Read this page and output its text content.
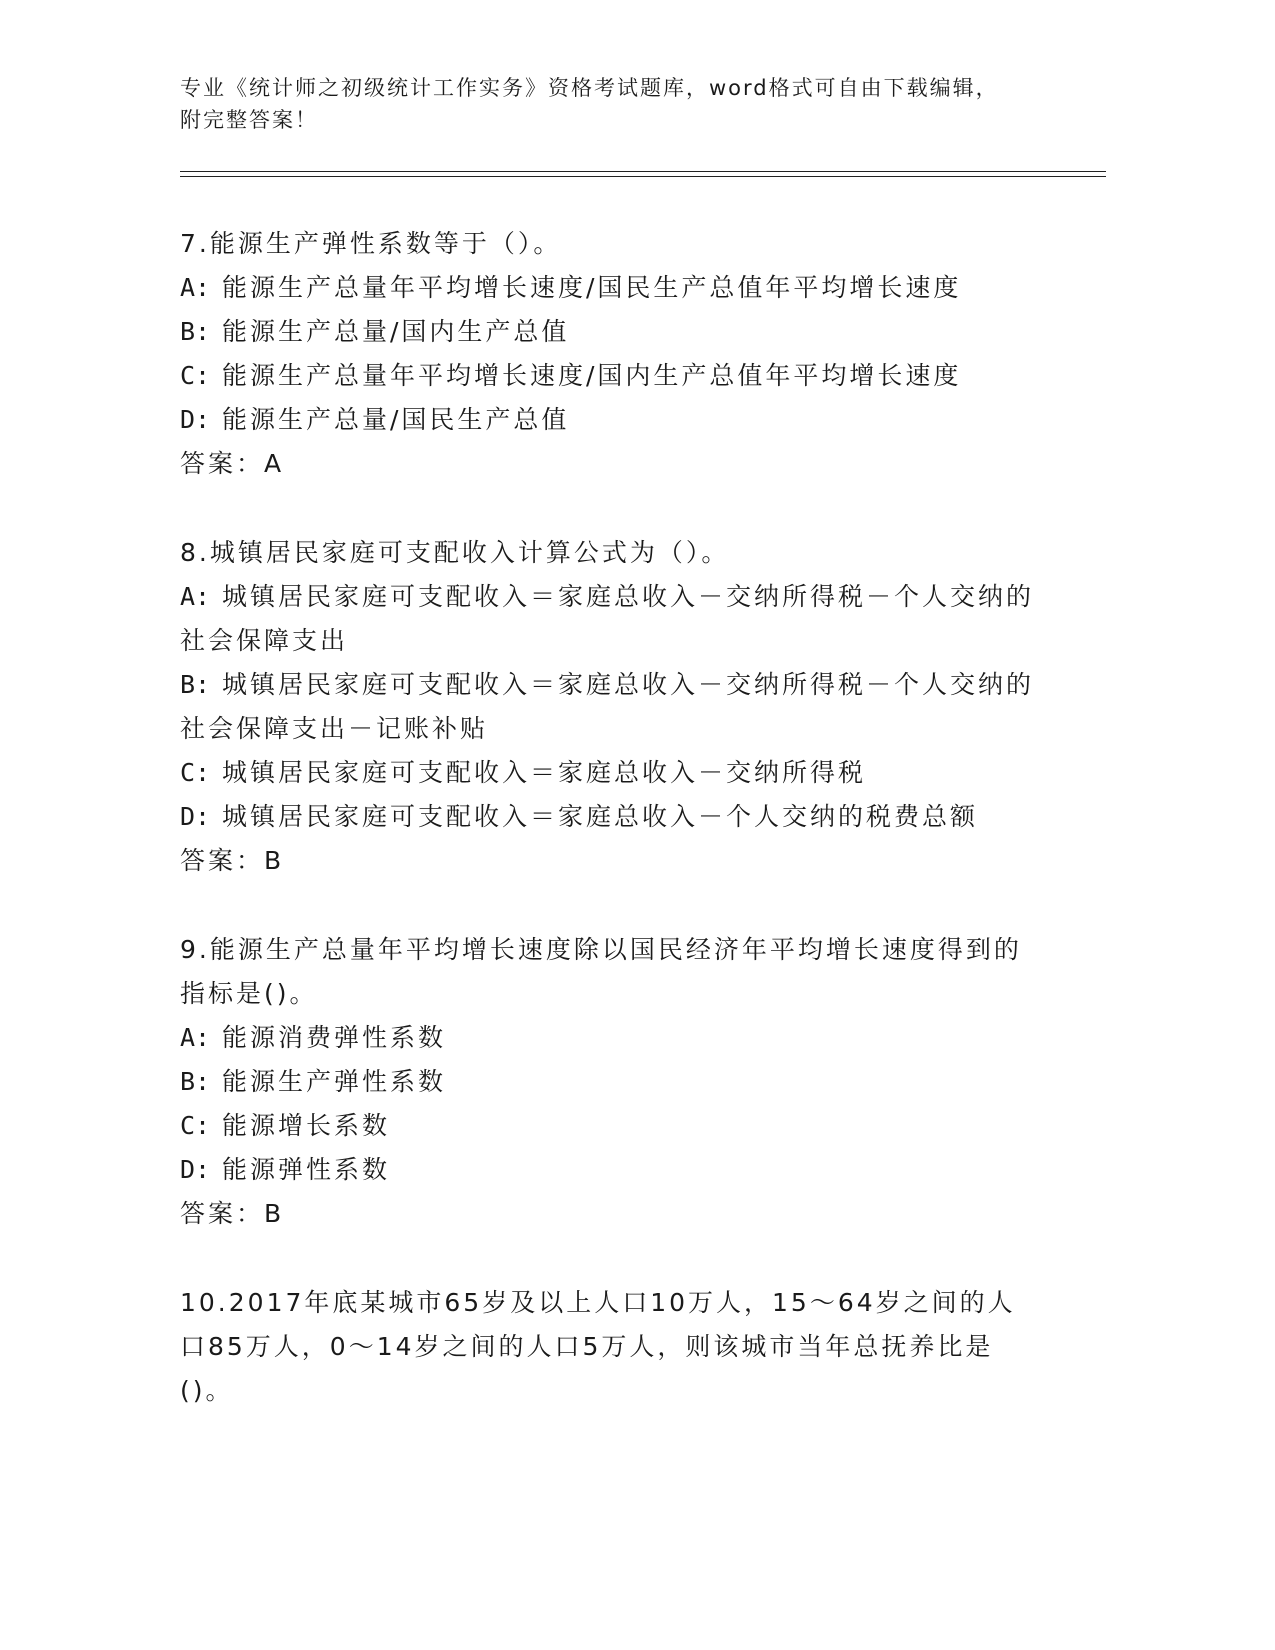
专业《统计师之初级统计工作实务》资格考试题库，word格式可自由下载编辑，
附完整答案！
7.能源生产弹性系数等于（）。
A: 能源生产总量年平均增长速度/国民生产总值年平均增长速度
B: 能源生产总量/国内生产总值
C: 能源生产总量年平均增长速度/国内生产总值年平均增长速度
D: 能源生产总量/国民生产总值
答案：A
8.城镇居民家庭可支配收入计算公式为（）。
A: 城镇居民家庭可支配收入＝家庭总收入－交纳所得税－个人交纳的社会保障支出
B: 城镇居民家庭可支配收入＝家庭总收入－交纳所得税－个人交纳的社会保障支出－记账补贴
C: 城镇居民家庭可支配收入＝家庭总收入－交纳所得税
D: 城镇居民家庭可支配收入＝家庭总收入－个人交纳的税费总额
答案：B
9.能源生产总量年平均增长速度除以国民经济年平均增长速度得到的指标是()。
A: 能源消费弹性系数
B: 能源生产弹性系数
C: 能源增长系数
D: 能源弹性系数
答案：B
10.2017年底某城市65岁及以上人口10万人，15～64岁之间的人口85万人，0～14岁之间的人口5万人，则该城市当年总抚养比是()。
